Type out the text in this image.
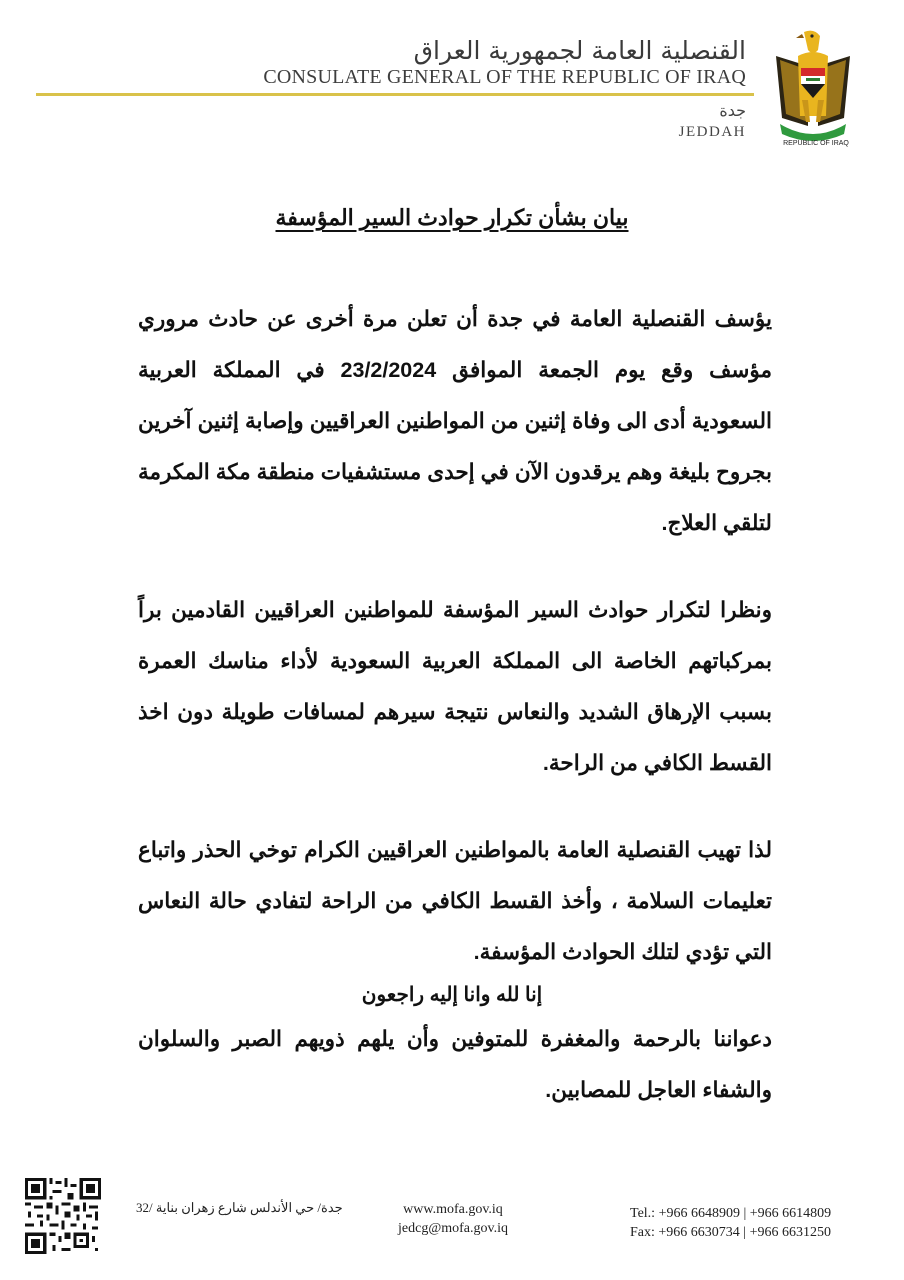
القنصلية العامة لجمهورية العراق
CONSULATE GENERAL OF THE REPUBLIC OF IRAQ
جدة
JEDDAH
REPUBLIC OF IRAQ
بيان بشأن تكرار حوادث السير المؤسفة

يؤسف القنصلية العامة في جدة أن تعلن مرة أخرى عن حادث مروري مؤسف وقع يوم الجمعة الموافق 23/2/2024 في المملكة العربية السعودية أدى الى وفاة إثنين من المواطنين العراقيين وإصابة إثنين آخرين بجروح بليغة وهم يرقدون الآن في إحدى مستشفيات منطقة مكة المكرمة لتلقي العلاج.

ونظرا لتكرار حوادث السير المؤسفة للمواطنين العراقيين القادمين براً بمركباتهم الخاصة الى المملكة العربية السعودية لأداء مناسك العمرة بسبب الإرهاق الشديد والنعاس نتيجة سيرهم لمسافات طويلة دون اخذ القسط الكافي من الراحة.

لذا تهيب القنصلية العامة بالمواطنين العراقيين الكرام توخي الحذر واتباع تعليمات السلامة ، وأخذ القسط الكافي من الراحة لتفادي حالة النعاس التي تؤدي لتلك الحوادث المؤسفة.

دعواننا بالرحمة والمغفرة للمتوفين وأن يلهم ذويهم الصبر والسلوان والشفاء العاجل للمصابين.

إنا لله وانا إليه راجعون
جدة/ حي الأندلس شارع زهران بناية /32	www.mofa.gov.iq
jedcg@mofa.gov.iq
Tel.: +966 6648909 | +966 6614809
Fax: +966 6630734 | +966 6631250
